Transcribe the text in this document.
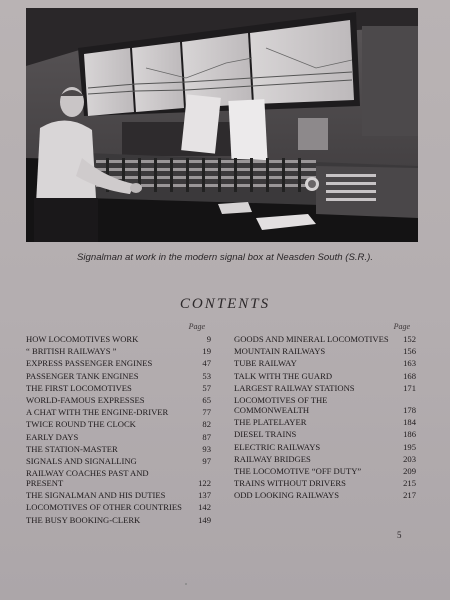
Signalman at work in the modern signal box at Neasden South (S.R.).
CONTENTS
Page
HOW LOCOMOTIVES WORK	9
“ BRITISH RAILWAYS ”	19
EXPRESS PASSENGER ENGINES	47
PASSENGER TANK ENGINES	53
THE FIRST LOCOMOTIVES	57
WORLD-FAMOUS EXPRESSES	65
A CHAT WITH THE ENGINE-DRIVER	77
TWICE ROUND THE CLOCK	82
EARLY DAYS	87
THE STATION-MASTER	93
SIGNALS AND SIGNALLING	97
RAILWAY COACHES PAST AND PRESENT	122
THE SIGNALMAN AND HIS DUTIES	137
LOCOMOTIVES OF OTHER COUNTRIES	142
THE BUSY BOOKING-CLERK	149
Page
GOODS AND MINERAL LOCOMOTIVES	152
MOUNTAIN RAILWAYS	156
TUBE RAILWAY	163
TALK WITH THE GUARD	168
LARGEST RAILWAY STATIONS	171
LOCOMOTIVES OF THE COMMONWEALTH	178
THE PLATELAYER	184
DIESEL TRAINS	186
ELECTRIC RAILWAYS	195
RAILWAY BRIDGES	203
THE LOCOMOTIVE “OFF DUTY”	209
TRAINS WITHOUT DRIVERS	215
ODD LOOKING RAILWAYS	217
5
